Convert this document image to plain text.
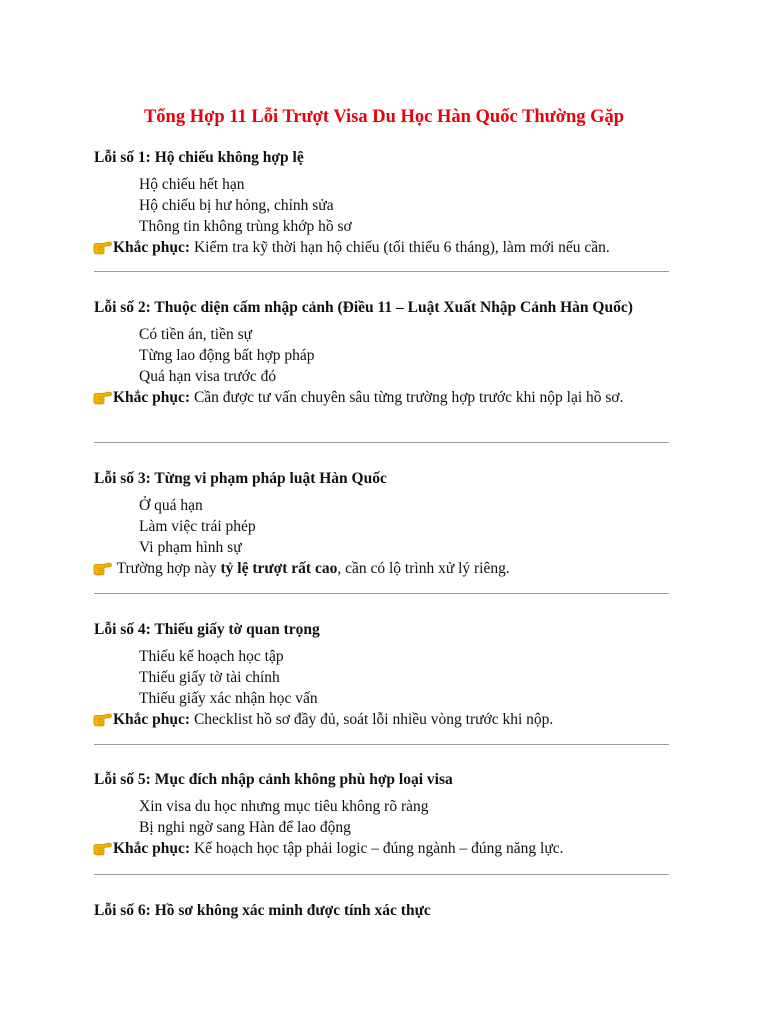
Tổng Hợp 11 Lỗi Trượt Visa Du Học Hàn Quốc Thường Gặp
Lỗi số 1: Hộ chiếu không hợp lệ
Hộ chiếu hết hạn
Hộ chiếu bị hư hỏng, chỉnh sửa
Thông tin không trùng khớp hồ sơ
Khắc phục: Kiểm tra kỹ thời hạn hộ chiếu (tối thiểu 6 tháng), làm mới nếu cần.
Lỗi số 2: Thuộc diện cấm nhập cảnh (Điều 11 – Luật Xuất Nhập Cảnh Hàn Quốc)
Có tiền án, tiền sự
Từng lao động bất hợp pháp
Quá hạn visa trước đó
Khắc phục: Cần được tư vấn chuyên sâu từng trường hợp trước khi nộp lại hồ sơ.
Lỗi số 3: Từng vi phạm pháp luật Hàn Quốc
Ở quá hạn
Làm việc trái phép
Vi phạm hình sự
Trường hợp này tỷ lệ trượt rất cao, cần có lộ trình xử lý riêng.
Lỗi số 4: Thiếu giấy tờ quan trọng
Thiếu kế hoạch học tập
Thiếu giấy tờ tài chính
Thiếu giấy xác nhận học vấn
Khắc phục: Checklist hồ sơ đầy đủ, soát lỗi nhiều vòng trước khi nộp.
Lỗi số 5: Mục đích nhập cảnh không phù hợp loại visa
Xin visa du học nhưng mục tiêu không rõ ràng
Bị nghi ngờ sang Hàn để lao động
Khắc phục: Kế hoạch học tập phải logic – đúng ngành – đúng năng lực.
Lỗi số 6: Hồ sơ không xác minh được tính xác thực
